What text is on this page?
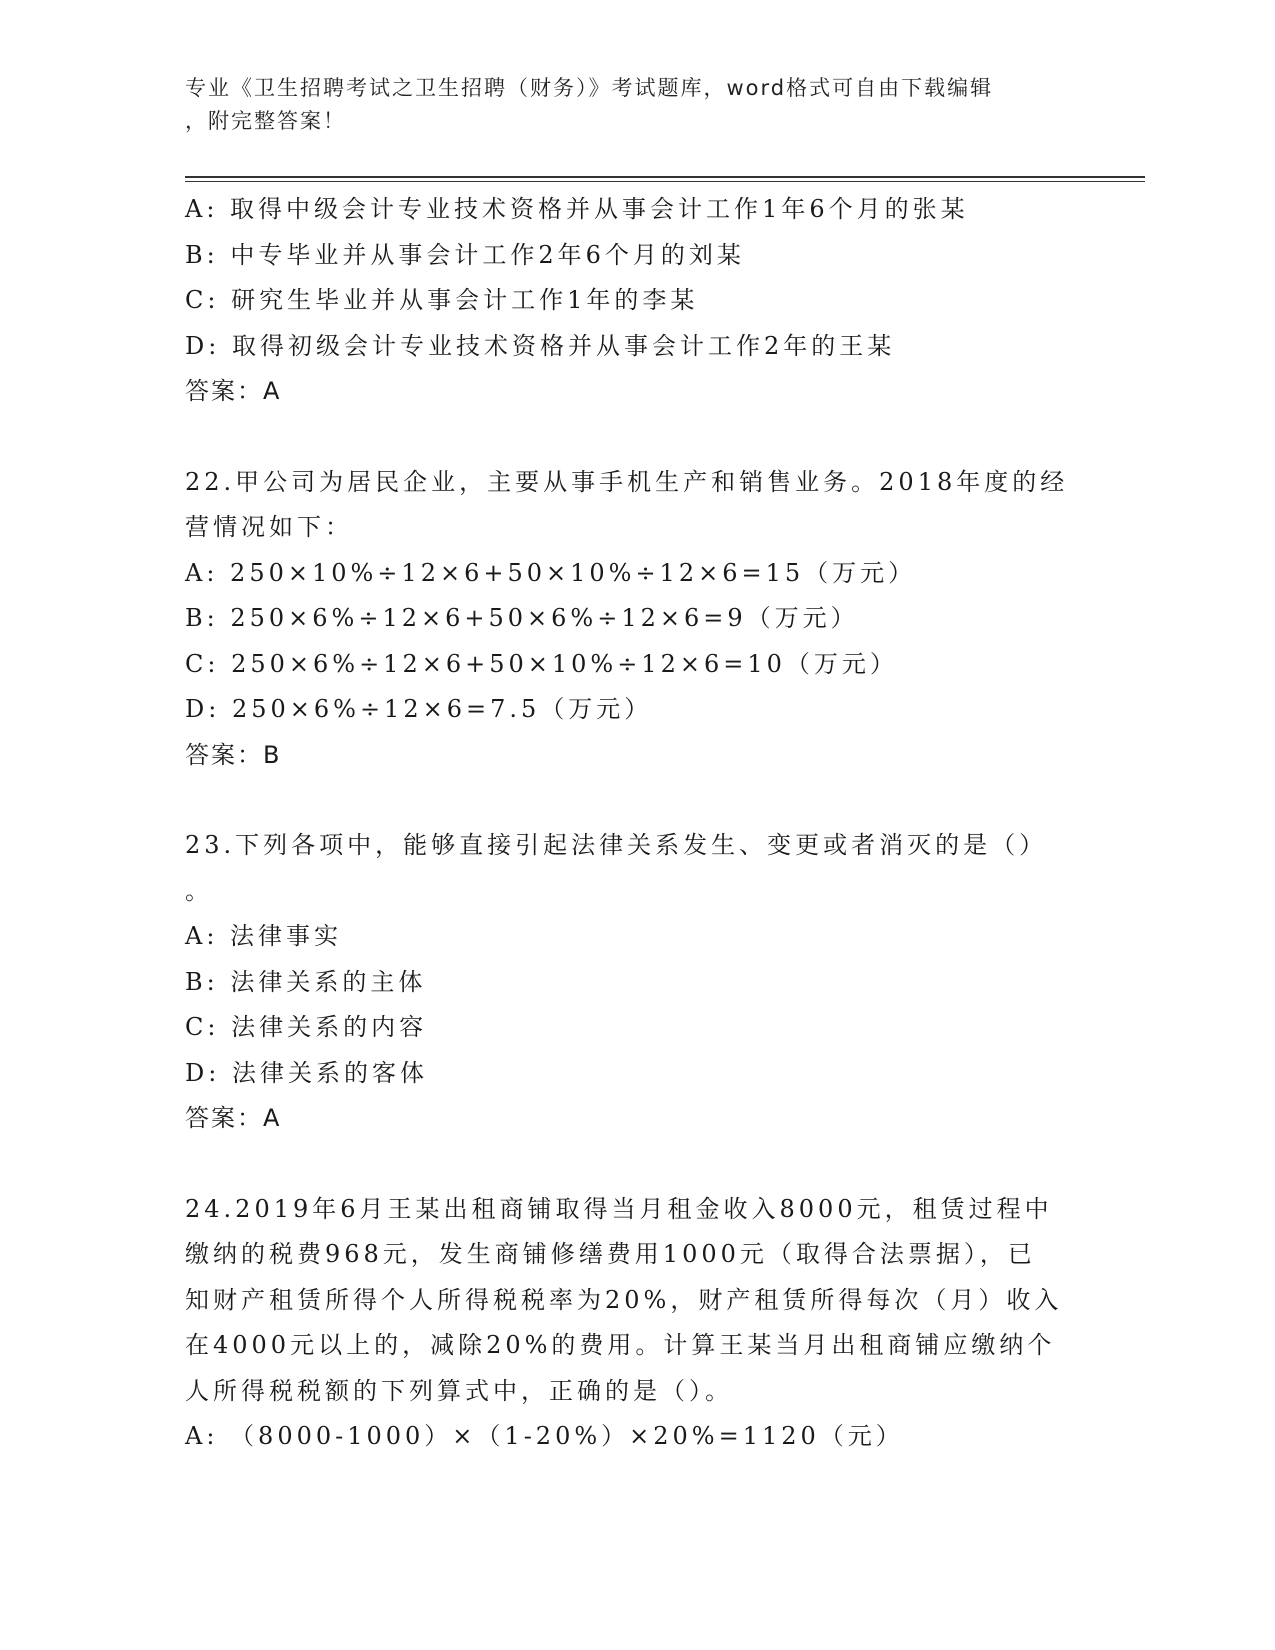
专业《卫生招聘考试之卫生招聘（财务）》考试题库，word格式可自由下载编辑
，附完整答案！
A: 取得中级会计专业技术资格并从事会计工作1年6个月的张某
B: 中专毕业并从事会计工作2年6个月的刘某
C: 研究生毕业并从事会计工作1年的李某
D: 取得初级会计专业技术资格并从事会计工作2年的王某
答案：A
22.甲公司为居民企业，主要从事手机生产和销售业务。2018年度的经
营情况如下：
A: 250×10%÷12×6+50×10%÷12×6=15（万元）
B: 250×6%÷12×6+50×6%÷12×6=9（万元）
C: 250×6%÷12×6+50×10%÷12×6=10（万元）
D: 250×6%÷12×6=7.5（万元）
答案：B
23.下列各项中，能够直接引起法律关系发生、变更或者消灭的是（）
。
A: 法律事实
B: 法律关系的主体
C: 法律关系的内容
D: 法律关系的客体
答案：A
24.2019年6月王某出租商铺取得当月租金收入8000元，租赁过程中
缴纳的税费968元，发生商铺修缮费用1000元（取得合法票据），已
知财产租赁所得个人所得税税率为20%，财产租赁所得每次（月）收入
在4000元以上的，减除20%的费用。计算王某当月出租商铺应缴纳个
人所得税税额的下列算式中，正确的是（）。
A: （8000-1000）×（1-20%）×20%=1120（元）
